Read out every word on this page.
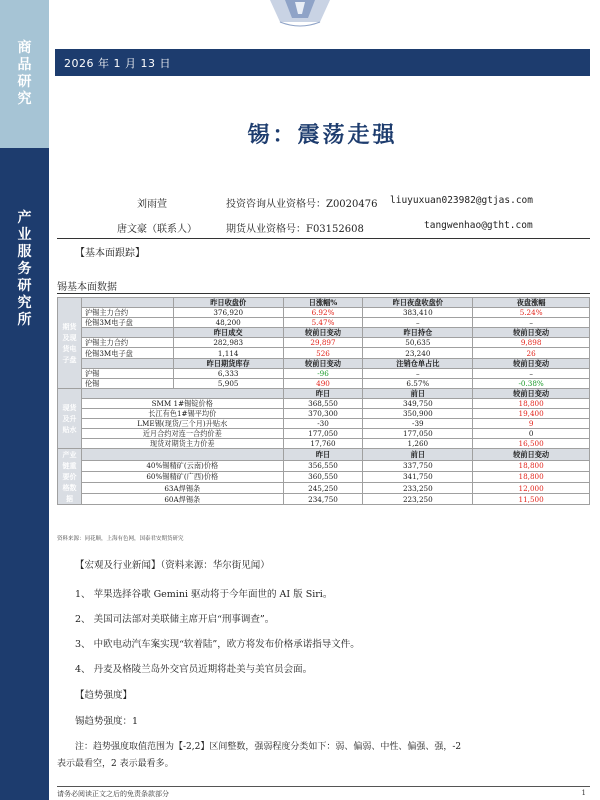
商
品
研
究
产
业
服
务
研
究
所
2026 年 1 月 13 日
锡：震荡走强
刘雨萱	投资咨询从业资格号：Z0020476 liuyuxuan023982@gtjas.com
唐文豪（联系人）	期货从业资格号：F03152608	tangwenhao@gtht.com
【基本面跟踪】
锡基本面数据
期货及现货电子盘		昨日收盘价	日涨幅%	昨日夜盘收盘价	夜盘涨幅
	沪锡主力合约	376,920	6.92%	383,410	5.24%
	伦锡3M电子盘	48,200	5.47%	–	–
		昨日成交	较前日变动	昨日持仓	较前日变动
	沪锡主力合约	282,983	29,897	50,635	9,898
	伦锡3M电子盘	1,114	526	23,240	26
		昨日期货库存	较前日变动	注销仓单占比	较前日变动
	沪锡	6,333	-96	–	–
	伦锡	5,905	490	6.57%	-0.38%
现货及升贴水			昨日	前日	较前日变动
	SMM 1#锡锭价格		368,550	349,750	18,800
	长江有色1#锡平均价		370,300	350,900	19,400
	LME锡(现货/三个月)升贴水		-30	-39	9
	近月合约对连一合约价差		177,050	177,050	0
	现货对期货主力价差		17,760	1,260	16,500
产业链重要价格数据			昨日	前日	较前日变动
	40%锡精矿(云南)价格		356,550	337,750	18,800
	60%锡精矿(广西)价格		360,550	341,750	18,800
	63A焊锡条		245,250	233,250	12,000
	60A焊锡条		234,750	223,250	11,500
资料来源：同花顺，上海有色网，国泰君安期货研究
【宏观及行业新闻】（资料来源：华尔街见闻）
1、 苹果选择谷歌 Gemini 驱动将于今年面世的 AI 版 Siri。
2、 美国司法部对美联储主席开启“刑事调查”。
3、 中欧电动汽车案实现“软着陆”，欧方将发布价格承诺指导文件。
4、 丹麦及格陵兰岛外交官员近期将赴美与美官员会面。
【趋势强度】
锡趋势强度：1
注：趋势强度取值范围为【-2,2】区间整数，强弱程度分类如下：弱、偏弱、中性、偏强、强，-2
表示最看空，2 表示最看多。
请务必阅读正文之后的免责条款部分	1
